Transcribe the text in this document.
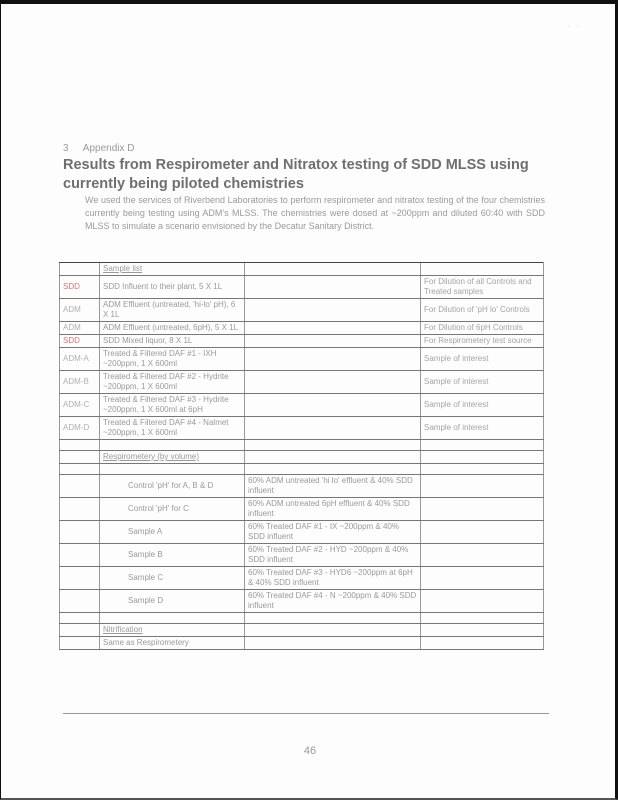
· ·
3 Appendix D
Results from Respirometer and Nitratox testing of SDD MLSS using currently being piloted chemistries
We used the services of Riverbend Laboratories to perform respirometer and nitratox testing of the four chemistries currently being testing using ADM's MLSS. The chemistries were dosed at ~200ppm and diluted 60:40 with SDD MLSS to simulate a scenario envisioned by the Decatur Sanitary District.
	Sample list		
SDD	SDD Influent to their plant, 5 X 1L		For Dilution of all Controls and Treated samples
ADM	ADM Effluent (untreated, 'hi-lo' pH), 6 X 1L		For Dilution of 'pH lo' Controls
ADM	ADM Effluent (untreated, 6pH), 5 X 1L		For Dilution of 6pH Controls
SDD	SDD Mixed liquor, 8 X 1L		For Respirometery test source
ADM-A	Treated & Filtered DAF #1 - IXH ~200ppm, 1 X 600ml		Sample of interest
ADM-B	Treated & Filtered DAF #2 - Hydrite ~200ppm, 1 X 600ml		Sample of interest
ADM-C	Treated & Filtered DAF #3 - Hydrite ~200ppm, 1 X 600ml at 6pH		Sample of interest
ADM-D	Treated & Filtered DAF #4 - Nalmet ~200ppm, 1 X 600ml		Sample of interest

	Respirometery (by volume)		

	Control 'pH' for A, B & D	60% ADM untreated 'hi lo' effluent & 40% SDD influent	
	Control 'pH' for C	60% ADM untreated 6pH effluent & 40% SDD influent	
	Sample A	60% Treated DAF #1 - IX ~200ppm & 40% SDD influent	
	Sample B	60% Treated DAF #2 - HYD ~200ppm & 40% SDD influent	
	Sample C	60% Treated DAF #3 - HYD6 ~200ppm at 6pH & 40% SDD influent	
	Sample D	60% Treated DAF #4 - N ~200ppm & 40% SDD influent	

	Nitrification		
	Same as Respirometery		
46
